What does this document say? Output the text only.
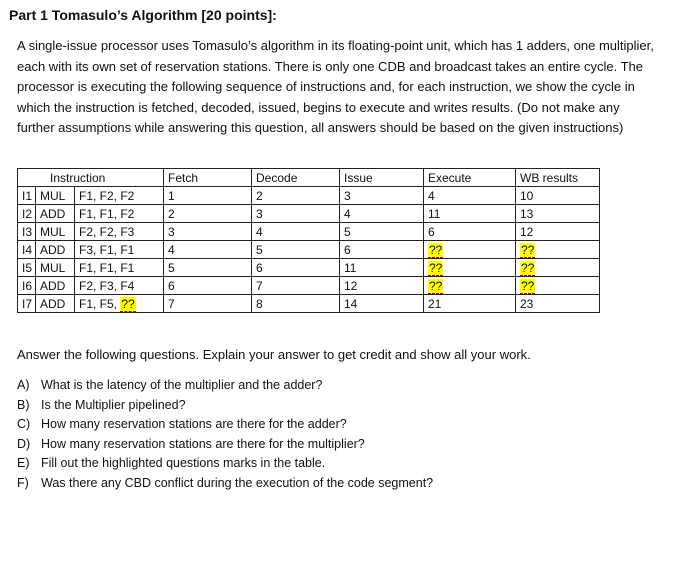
Part 1 Tomasulo’s Algorithm [20 points]:
A single-issue processor uses Tomasulo’s algorithm in its floating-point unit, which has 1 adders, one multiplier, each with its own set of reservation stations. There is only one CDB and broadcast takes an entire cycle. The processor is executing the following sequence of instructions and, for each instruction, we show the cycle in which the instruction is fetched, decoded, issued, begins to execute and writes results. (Do not make any further assumptions while answering this question, all answers should be based on the given instructions)
Instruction			Fetch	Decode	Issue	Execute	WB results
I1	MUL	F1, F2, F2	1	2	3	4	10
I2	ADD	F1, F1, F2	2	3	4	11	13
I3	MUL	F2, F2, F3	3	4	5	6	12
I4	ADD	F3, F1, F1	4	5	6	??	??
I5	MUL	F1, F1, F1	5	6	11	??	??
I6	ADD	F2, F3, F4	6	7	12	??	??
I7	ADD	F1, F5, ??	7	8	14	21	23
Answer the following questions. Explain your answer to get credit and show all your work.
A) What is the latency of the multiplier and the adder?
B) Is the Multiplier pipelined?
C) How many reservation stations are there for the adder?
D) How many reservation stations are there for the multiplier?
E) Fill out the highlighted questions marks in the table.
F) Was there any CBD conflict during the execution of the code segment?
